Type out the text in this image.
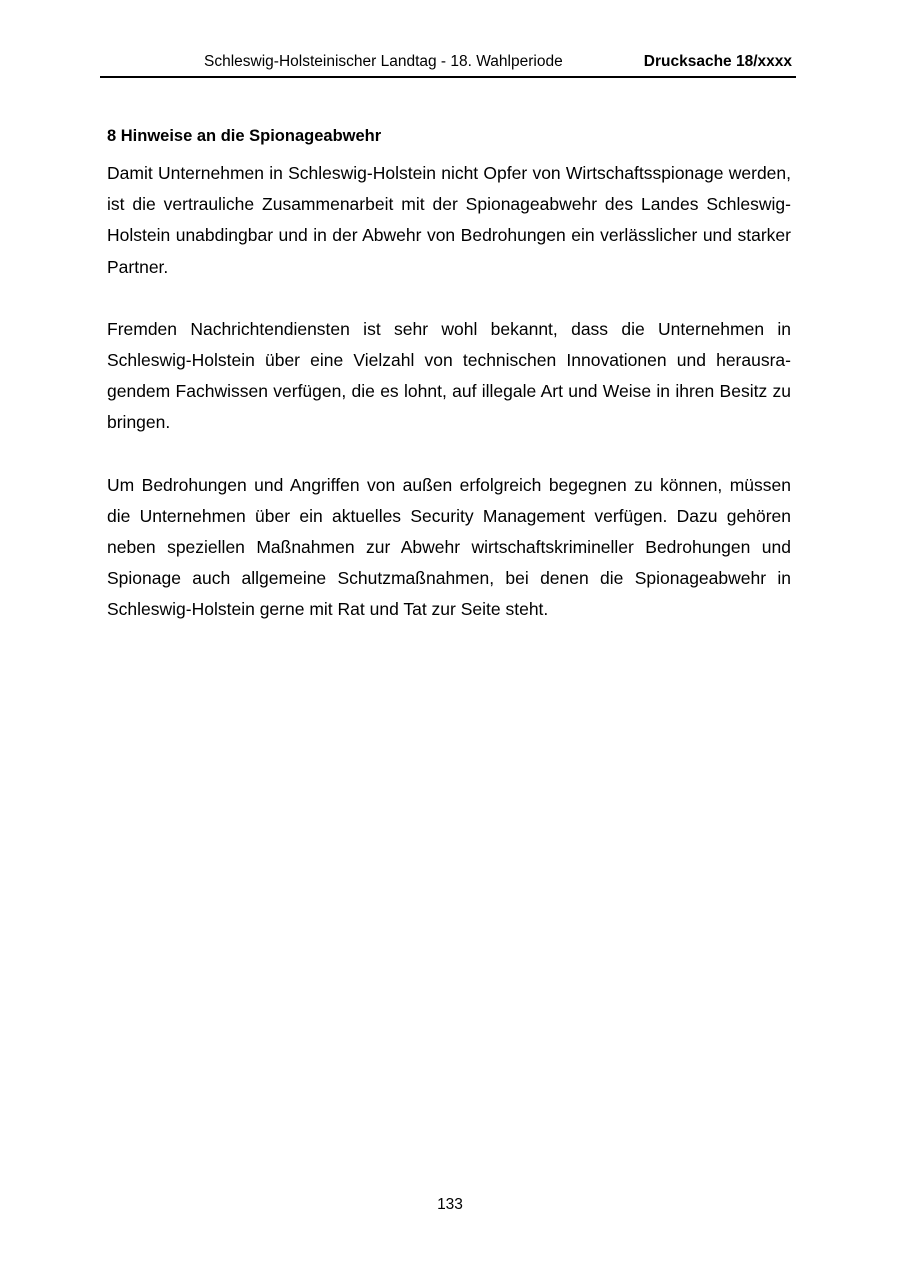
Schleswig-Holsteinischer Landtag - 18. Wahlperiode	Drucksache 18/xxxx
8 Hinweise an die Spionageabwehr

Damit Unternehmen in Schleswig-Holstein nicht Opfer von Wirtschaftsspionage werden, ist die vertrauliche Zusammenarbeit mit der Spionageabwehr des Landes Schleswig-Holstein unabdingbar und in der Abwehr von Bedrohungen ein verlässlicher und starker Partner.

Fremden Nachrichtendiensten ist sehr wohl bekannt, dass die Unternehmen in Schleswig-Holstein über eine Vielzahl von technischen Innovationen und herausragendem Fachwissen verfügen, die es lohnt, auf illegale Art und Weise in ihren Besitz zu bringen.

Um Bedrohungen und Angriffen von außen erfolgreich begegnen zu können, müssen die Unternehmen über ein aktuelles Security Management verfügen. Dazu gehören neben speziellen Maßnahmen zur Abwehr wirtschaftskrimineller Bedrohungen und Spionage auch allgemeine Schutzmaßnahmen, bei denen die Spionageabwehr in Schleswig-Holstein gerne mit Rat und Tat zur Seite steht.

133
